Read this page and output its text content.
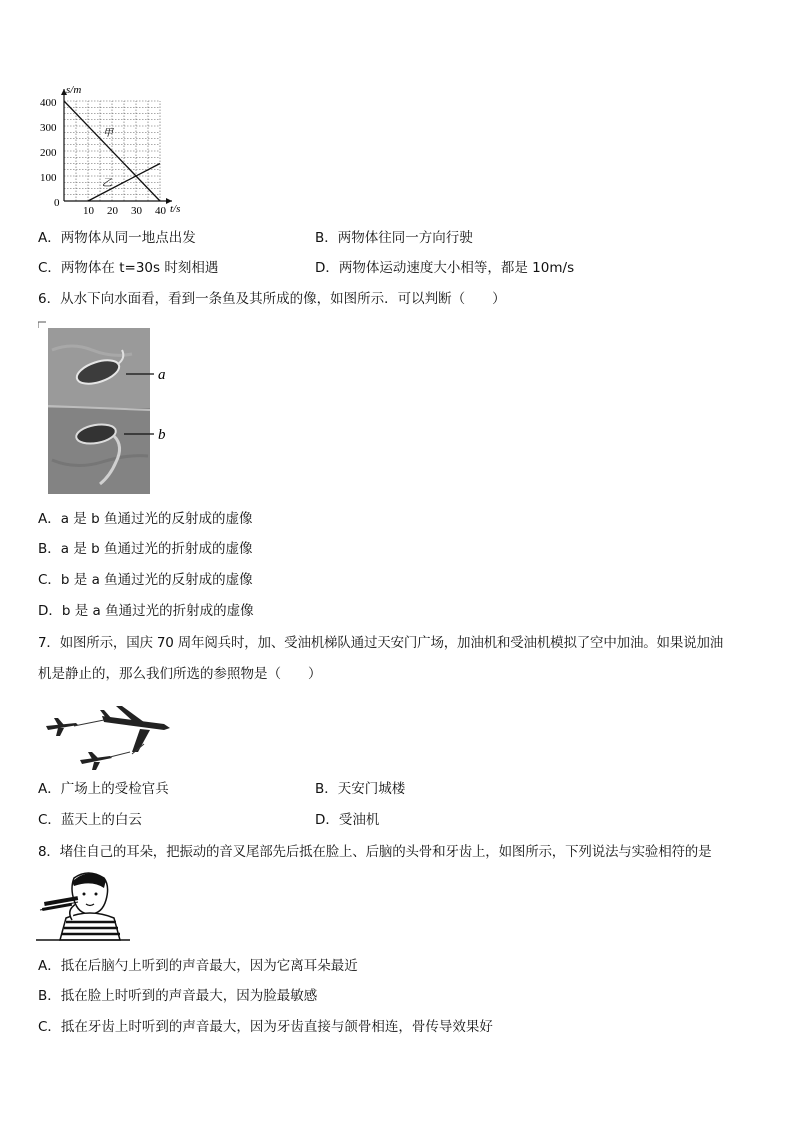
s/m
t/s
0
400
300
200
100
10 20 30 40
甲
乙
A．两物体从同一地点出发	B．两物体往同一方向行驶
C．两物体在 t=30s 时刻相遇	D．两物体运动速度大小相等，都是 10m/s
6．从水下向水面看，看到一条鱼及其所成的像，如图所示．可以判断（　　）
a
b
A．a 是 b 鱼通过光的反射成的虚像
B．a 是 b 鱼通过光的折射成的虚像
C．b 是 a 鱼通过光的反射成的虚像
D．b 是 a 鱼通过光的折射成的虚像
7．如图所示，国庆 70 周年阅兵时，加、受油机梯队通过天安门广场，加油机和受油机模拟了空中加油。如果说加油
机是静止的，那么我们所选的参照物是（　　）
A．广场上的受检官兵	B．天安门城楼
C．蓝天上的白云	D．受油机
8．堵住自己的耳朵，把振动的音叉尾部先后抵在脸上、后脑的头骨和牙齿上，如图所示，下列说法与实验相符的是
A．抵在后脑勺上听到的声音最大，因为它离耳朵最近
B．抵在脸上时听到的声音最大，因为脸最敏感
C．抵在牙齿上时听到的声音最大，因为牙齿直接与颌骨相连，骨传导效果好
